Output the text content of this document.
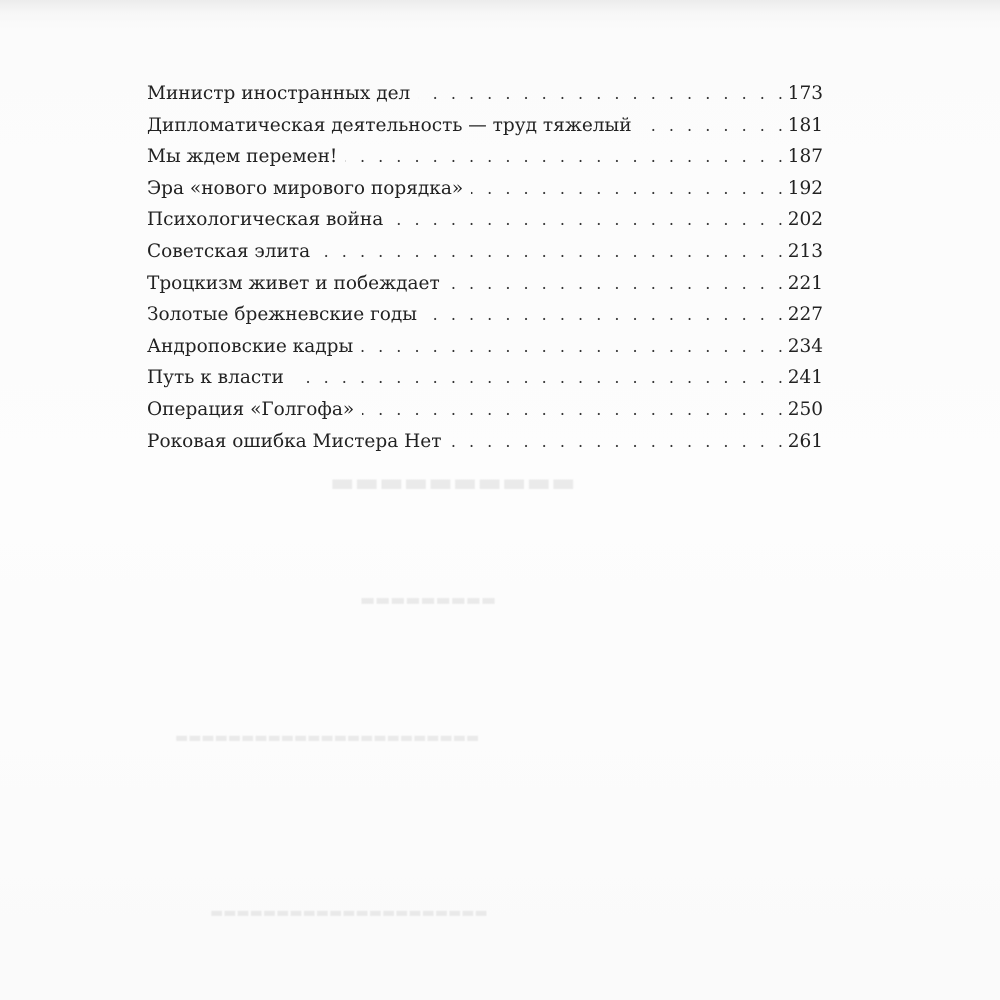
▬▬▬▬▬▬▬▬▬▬
▬▬▬▬▬▬▬▬▬
▬▬▬▬▬▬▬▬▬▬▬▬▬▬▬▬▬▬▬▬▬▬▬
▬▬▬▬▬▬▬▬▬▬▬▬▬▬▬▬▬▬▬▬▬
Министр иностранных дел . . .	173
Дипломатическая деятельность — труд тяжелый . . .	181
Мы ждем перемен! . . .	187
Эра «нового мирового порядка» . . .	192
Психологическая война . . .	202
Советская элита . . .	213
Троцкизм живет и побеждает . . .	221
Золотые брежневские годы . . .	227
Андроповские кадры . . .	234
Путь к власти . . .	241
Операция «Голгофа» . . .	250
Роковая ошибка Мистера Нет . . .	261
